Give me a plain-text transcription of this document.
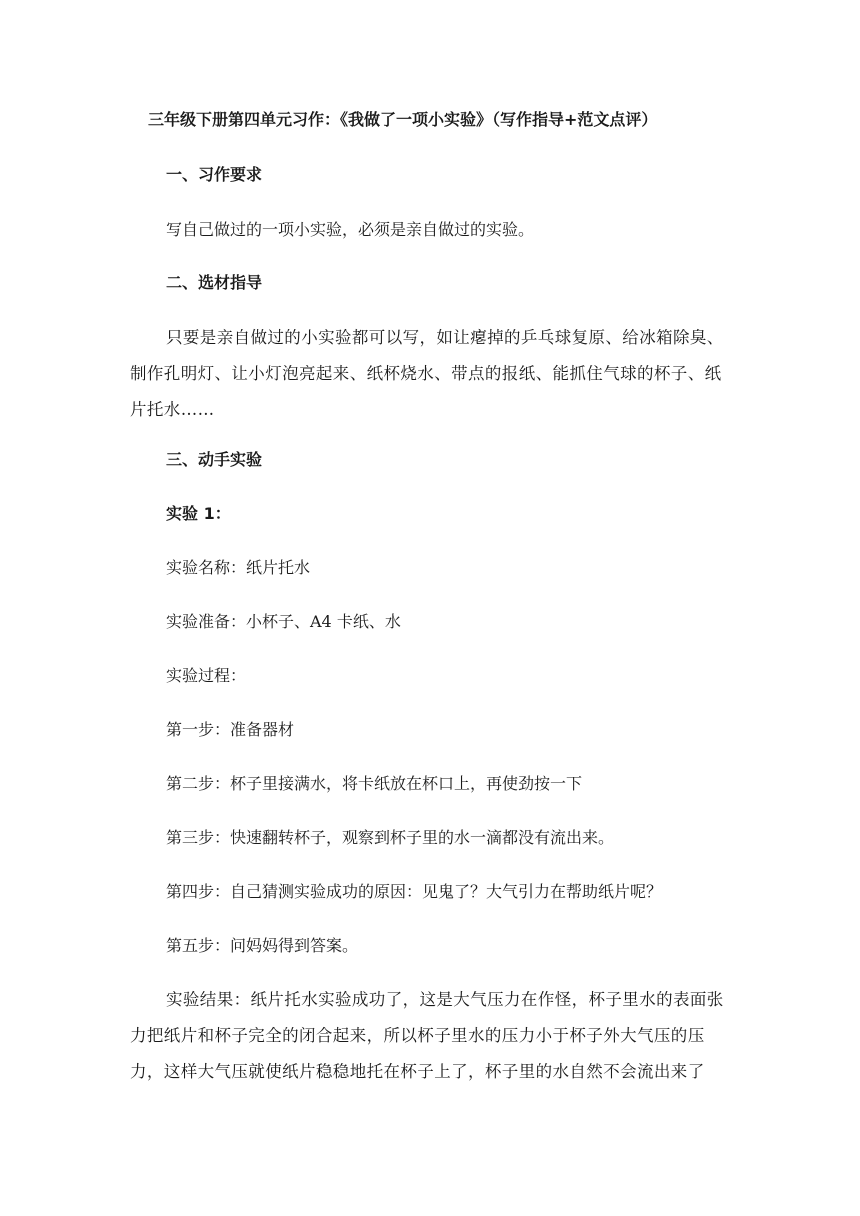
三年级下册第四单元习作：《我做了一项小实验》（写作指导+范文点评）
一、习作要求

写自己做过的一项小实验，必须是亲自做过的实验。

二、选材指导

只要是亲自做过的小实验都可以写，如让瘪掉的乒乓球复原、给冰箱除臭、制作孔明灯、让小灯泡亮起来、纸杯烧水、带点的报纸、能抓住气球的杯子、纸片托水……

三、动手实验

实验 1：

实验名称：纸片托水

实验准备：小杯子、A4 卡纸、水

实验过程：

第一步：准备器材

第二步：杯子里接满水，将卡纸放在杯口上，再使劲按一下

第三步：快速翻转杯子，观察到杯子里的水一滴都没有流出来。

第四步：自己猜测实验成功的原因：见鬼了？大气引力在帮助纸片呢？

第五步：问妈妈得到答案。

实验结果：纸片托水实验成功了，这是大气压力在作怪，杯子里水的表面张力把纸片和杯子完全的闭合起来，所以杯子里水的压力小于杯子外大气压的压力，这样大气压就使纸片稳稳地托在杯子上了，杯子里的水自然不会流出来了
